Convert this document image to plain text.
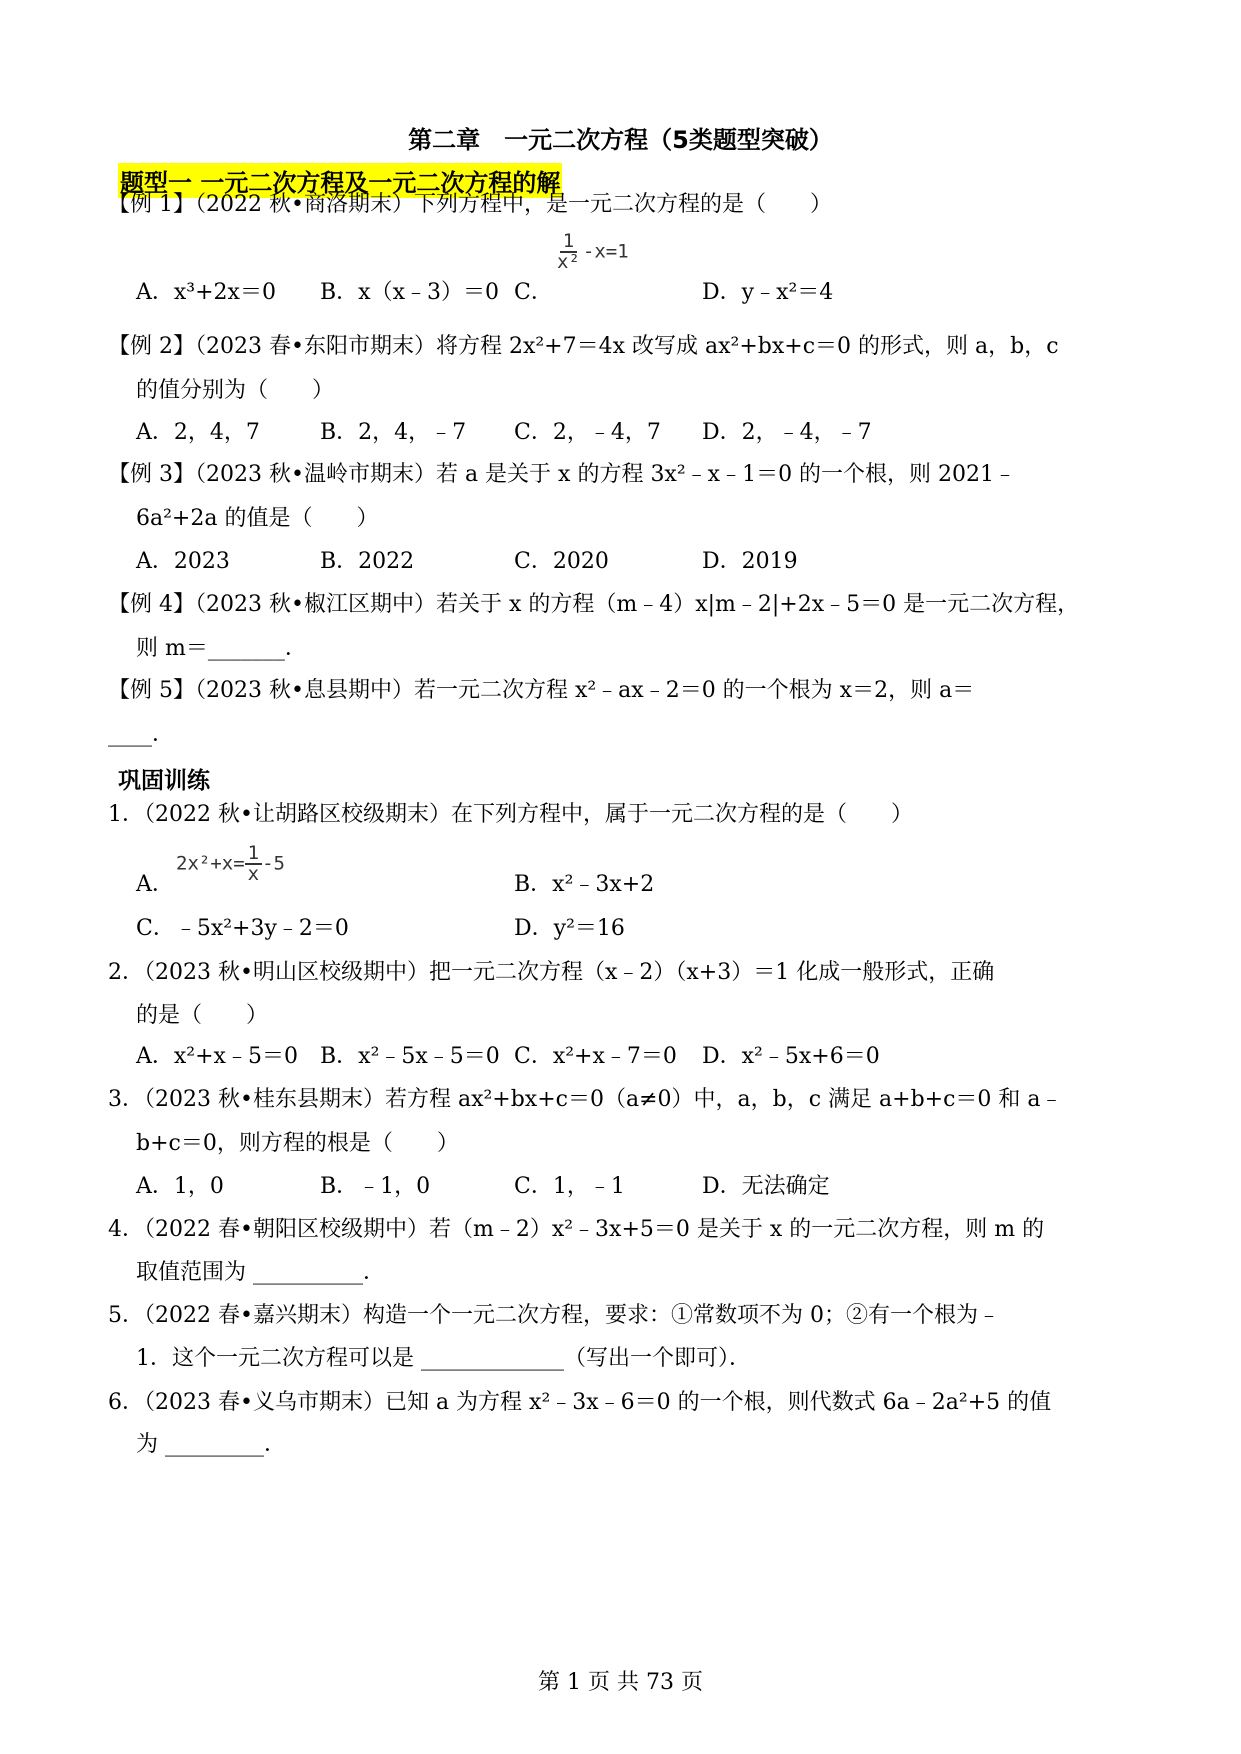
第二章　一元二次方程（5类题型突破）
题型一 一元二次方程及一元二次方程的解
【例 1】（2022 秋•商洛期末）下列方程中，是一元二次方程的是（　　）
A．x³+2x＝0 B．x（x﹣3）＝0 C．
$\frac{1}{\text{x²}} -x=1$
D．y﹣x²＝4
【例 2】（2023 春•东阳市期末）将方程 2x²+7＝4x 改写成 ax²+bx+c＝0 的形式，则 a，b，c
的值分别为（　　）
A．2，4，7	B．2，4，﹣7 C．2，﹣4，7 D．2，﹣4，﹣7
【例 3】（2023 秋•温岭市期末）若 a 是关于 x 的方程 3x²﹣x﹣1＝0 的一个根，则 2021﹣
6a²+2a 的值是（　　）
A．2023	B．2022	C．2020	D．2019
【例 4】（2023 秋•椒江区期中）若关于 x 的方程（m﹣4）x|m﹣2|+2x﹣5＝0 是一元二次方程，
则 m＝_______．
【例 5】（2023 秋•息县期中）若一元二次方程 x²﹣ax﹣2＝0 的一个根为 x＝2，则 a＝
____．
巩固训练
1．（2022 秋•让胡路区校级期末）在下列方程中，属于一元二次方程的是（　　）
A．
$2x^2+x= \frac{1}{x} -5$
B．x²﹣3x+2
C．﹣5x²+3y﹣2＝0	D．y²＝16
2．（2023 秋•明山区校级期中）把一元二次方程（x﹣2）（x+3）＝1 化成一般形式，正确
的是（　　）
A．x²+x﹣5＝0 B．x²﹣5x﹣5＝0 C．x²+x﹣7＝0 D．x²﹣5x+6＝0
3．（2023 秋•桂东县期末）若方程 ax²+bx+c＝0（a≠0）中，a，b，c 满足 a+b+c＝0 和 a﹣
b+c＝0，则方程的根是（　　）
A．1，0	B．﹣1，0	C．1，﹣1	D．无法确定
4．（2022 春•朝阳区校级期中）若（m﹣2）x²﹣3x+5＝0 是关于 x 的一元二次方程，则 m 的
取值范围为 __________．
5．（2022 春•嘉兴期末）构造一个一元二次方程，要求：①常数项不为 0；②有一个根为﹣
1．这个一元二次方程可以是 _____________（写出一个即可）．
6．（2023 春•义乌市期末）已知 a 为方程 x²﹣3x﹣6＝0 的一个根，则代数式 6a﹣2a²+5 的值
为 _________．
第 1 页 共 73 页
